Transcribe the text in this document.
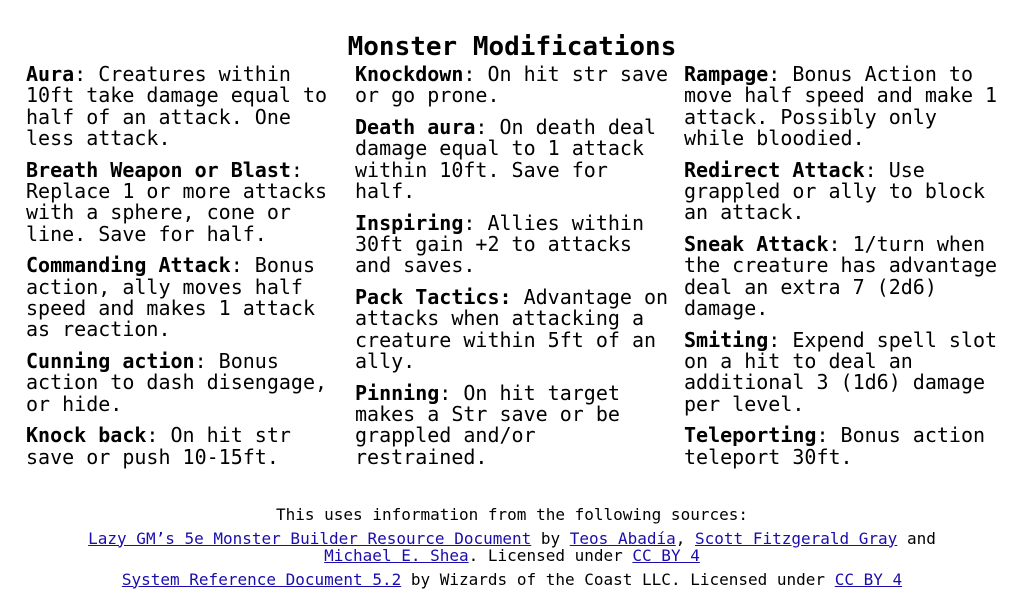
Monster Modifications

Aura: Creatures within 10ft take damage equal to half of an attack. One less attack.

Breath Weapon or Blast: Replace 1 or more attacks with a sphere, cone or line. Save for half.

Commanding Attack: Bonus action, ally moves half speed and makes 1 attack as reaction.

Cunning action: Bonus action to dash disengage, or hide.

Knock back: On hit str save or push 10-15ft.

Knockdown: On hit str save or go prone.

Death aura: On death deal damage equal to 1 attack within 10ft. Save for half.

Inspiring: Allies within 30ft gain +2 to attacks and saves.

Pack Tactics: Advantage on attacks when attacking a creature within 5ft of an ally.

Pinning: On hit target makes a Str save or be grappled and/or restrained.

Rampage: Bonus Action to move half speed and make 1 attack. Possibly only while bloodied.

Redirect Attack: Use grappled or ally to block an attack.

Sneak Attack: 1/turn when the creature has advantage deal an extra 7 (2d6) damage.

Smiting: Expend spell slot on a hit to deal an additional 3 (1d6) damage per level.

Teleporting: Bonus action teleport 30ft.

This uses information from the following sources:

Lazy GM’s 5e Monster Builder Resource Document by Teos Abadía, Scott Fitzgerald Gray and
Michael E. Shea. Licensed under CC BY 4

System Reference Document 5.2 by Wizards of the Coast LLC. Licensed under CC BY 4
